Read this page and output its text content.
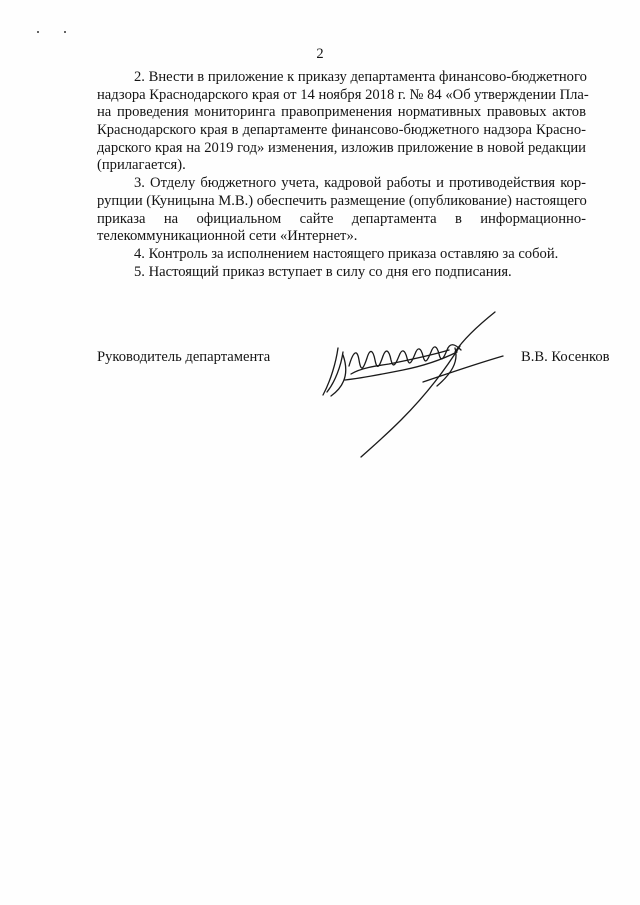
2
2. Внести в приложение к приказу департамента финансово-бюджетного
надзора Краснодарского края от 14 ноября 2018 г. № 84 «Об утверждении Пла-
на проведения мониторинга правоприменения нормативных правовых актов
Краснодарского края в департаменте финансово-бюджетного надзора Красно-
дарского края на 2019 год» изменения, изложив приложение в новой редакции
(прилагается).
3. Отделу бюджетного учета, кадровой работы и противодействия кор-
рупции (Куницына М.В.) обеспечить размещение (опубликование) настоящего
приказа на официальном сайте департамента в информационно-
телекоммуникационной сети «Интернет».
4. Контроль за исполнением настоящего приказа оставляю за собой.
5. Настоящий приказ вступает в силу со дня его подписания.
Руководитель департамента	В.В. Косенков
